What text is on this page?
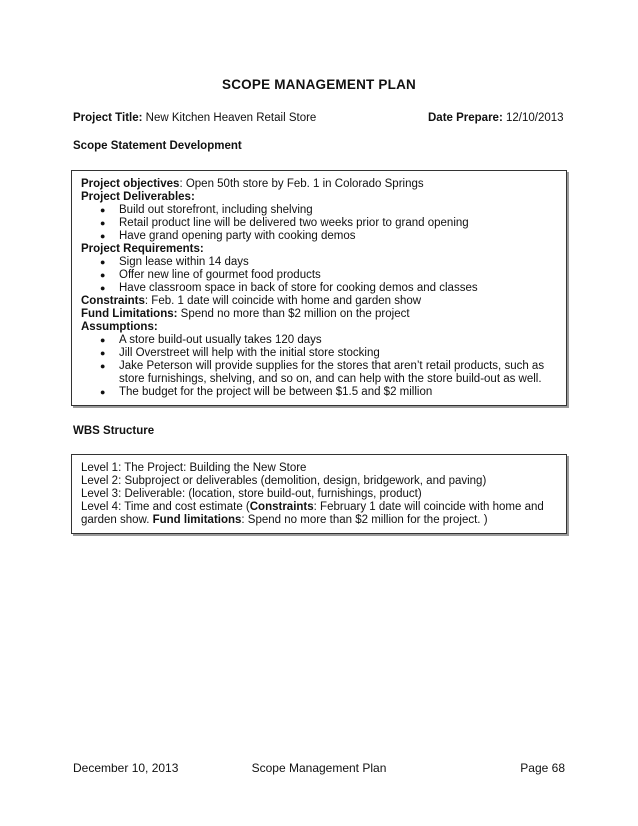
SCOPE MANAGEMENT PLAN
Project Title: New Kitchen Heaven Retail Store	Date Prepare: 12/10/2013
Scope Statement Development
Project objectives: Open 50th store by Feb. 1 in Colorado Springs
Project Deliverables:
● Build out storefront, including shelving
● Retail product line will be delivered two weeks prior to grand opening
● Have grand opening party with cooking demos
Project Requirements:
● Sign lease within 14 days
● Offer new line of gourmet food products
● Have classroom space in back of store for cooking demos and classes
Constraints: Feb. 1 date will coincide with home and garden show
Fund Limitations: Spend no more than $2 million on the project
Assumptions:
● A store build-out usually takes 120 days
● Jill Overstreet will help with the initial store stocking
● Jake Peterson will provide supplies for the stores that aren’t retail products, such as
store furnishings, shelving, and so on, and can help with the store build-out as well.
● The budget for the project will be between $1.5 and $2 million
WBS Structure
Level 1: The Project: Building the New Store
Level 2: Subproject or deliverables (demolition, design, bridgework, and paving)
Level 3: Deliverable: (location, store build-out, furnishings, product)
Level 4: Time and cost estimate (Constraints: February 1 date will coincide with home and
garden show. Fund limitations: Spend no more than $2 million for the project. )
December 10, 2013	Scope Management Plan	Page 68
